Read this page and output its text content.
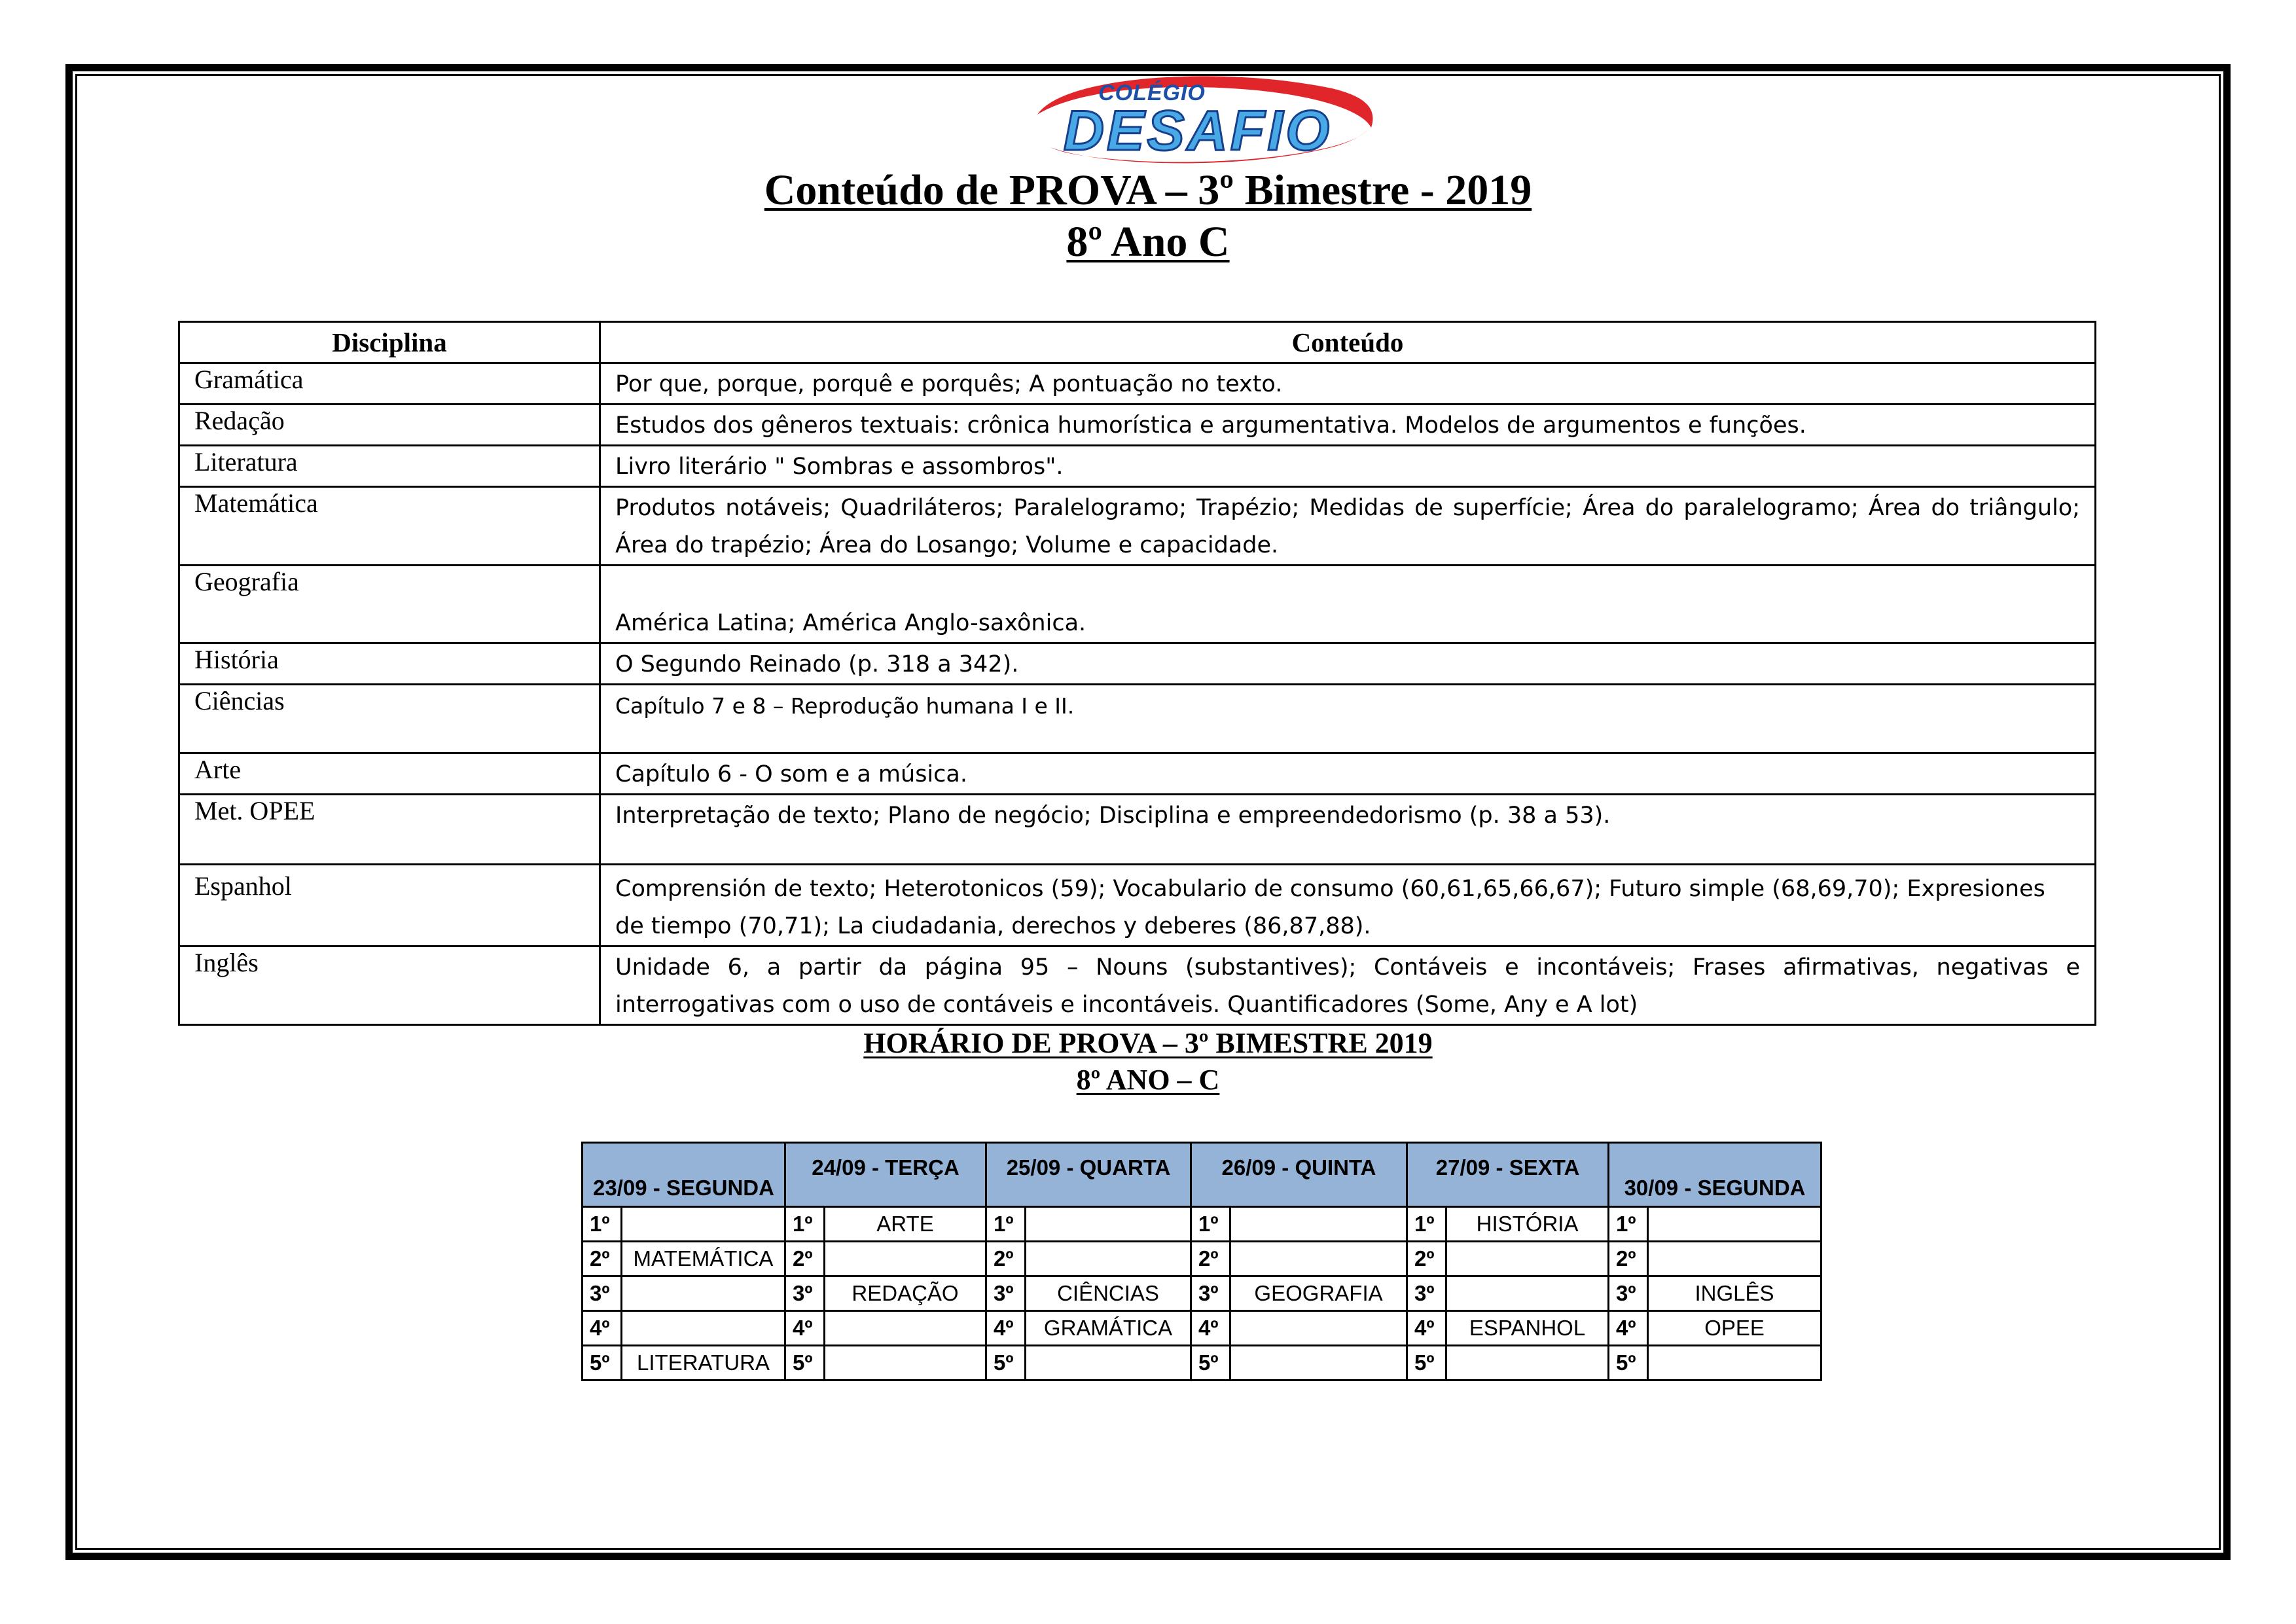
COLÉGIO
DESAFIO
Conteúdo de PROVA – 3º Bimestre - 2019
8º Ano C
Disciplina	Conteúdo
Gramática	Por que, porque, porquê e porquês; A pontuação no texto.
Redação	Estudos dos gêneros textuais: crônica humorística e argumentativa. Modelos de argumentos e funções.
Literatura	Livro literário " Sombras e assombros".
Matemática	Produtos notáveis; Quadriláteros; Paralelogramo; Trapézio; Medidas de superfície; Área do paralelogramo; Área do triângulo; Área do trapézio; Área do Losango; Volume e capacidade.
Geografia	América Latina; América Anglo-saxônica.

História	O Segundo Reinado (p. 318 a 342).
Ciências	Capítulo 7 e 8 – Reprodução humana I e II.
Arte	Capítulo 6 - O som e a música.
Met. OPEE	Interpretação de texto; Plano de negócio; Disciplina e empreendedorismo (p. 38 a 53).
Espanhol	Comprensión de texto; Heterotonicos (59); Vocabulario de consumo (60,61,65,66,67); Futuro simple (68,69,70); Expresiones de tiempo (70,71); La ciudadania, derechos y deberes (86,87,88).
Inglês	Unidade 6, a partir da página 95 – Nouns (substantives); Contáveis e incontáveis; Frases afirmativas, negativas e interrogativas com o uso de contáveis e incontáveis. Quantificadores (Some, Any e A lot)
HORÁRIO DE PROVA – 3º BIMESTRE 2019
8º ANO – C
23/09 - SEGUNDA		24/09 - TERÇA		25/09 - QUARTA		26/09 - QUINTA		27/09 - SEXTA		30/09 - SEGUNDA	
1º		1º	ARTE	1º		1º		1º	HISTÓRIA	1º	
2º	MATEMÁTICA	2º		2º		2º		2º		2º	
3º		3º	REDAÇÃO	3º	CIÊNCIAS	3º	GEOGRAFIA	3º		3º	INGLÊS
4º		4º		4º	GRAMÁTICA	4º		4º	ESPANHOL	4º	OPEE
5º	LITERATURA	5º		5º		5º		5º		5º	
